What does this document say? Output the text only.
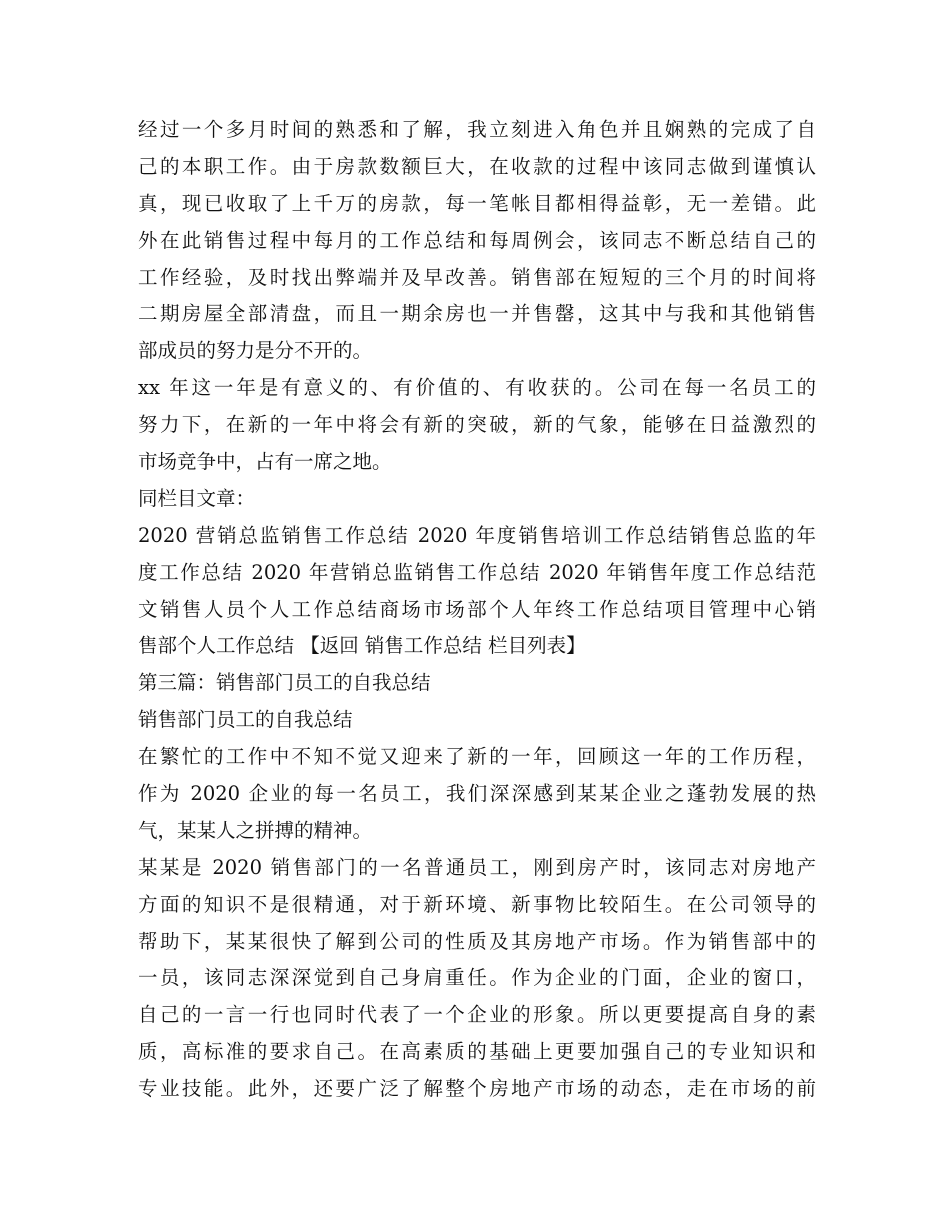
经过一个多月时间的熟悉和了解，我立刻进入角色并且娴熟的完成了自
己的本职工作。由于房款数额巨大，在收款的过程中该同志做到谨慎认
真，现已收取了上千万的房款，每一笔帐目都相得益彰，无一差错。此
外在此销售过程中每月的工作总结和每周例会，该同志不断总结自己的
工作经验，及时找出弊端并及早改善。销售部在短短的三个月的时间将
二期房屋全部清盘，而且一期余房也一并售罄，这其中与我和其他销售
部成员的努力是分不开的。
xx 年这一年是有意义的、有价值的、有收获的。公司在每一名员工的
努力下，在新的一年中将会有新的突破，新的气象，能够在日益激烈的
市场竞争中，占有一席之地。
同栏目文章：
2020 营销总监销售工作总结 2020 年度销售培训工作总结销售总监的年
度工作总结 2020 年营销总监销售工作总结 2020 年销售年度工作总结范
文销售人员个人工作总结商场市场部个人年终工作总结项目管理中心销
售部个人工作总结 【返回 销售工作总结 栏目列表】
第三篇：销售部门员工的自我总结
销售部门员工的自我总结
在繁忙的工作中不知不觉又迎来了新的一年，回顾这一年的工作历程，
作为 2020 企业的每一名员工，我们深深感到某某企业之蓬勃发展的热
气，某某人之拼搏的精神。
某某是 2020 销售部门的一名普通员工，刚到房产时，该同志对房地产
方面的知识不是很精通，对于新环境、新事物比较陌生。在公司领导的
帮助下，某某很快了解到公司的性质及其房地产市场。作为销售部中的
一员，该同志深深觉到自己身肩重任。作为企业的门面，企业的窗口，
自己的一言一行也同时代表了一个企业的形象。所以更要提高自身的素
质，高标准的要求自己。在高素质的基础上更要加强自己的专业知识和
专业技能。此外，还要广泛了解整个房地产市场的动态，走在市场的前
